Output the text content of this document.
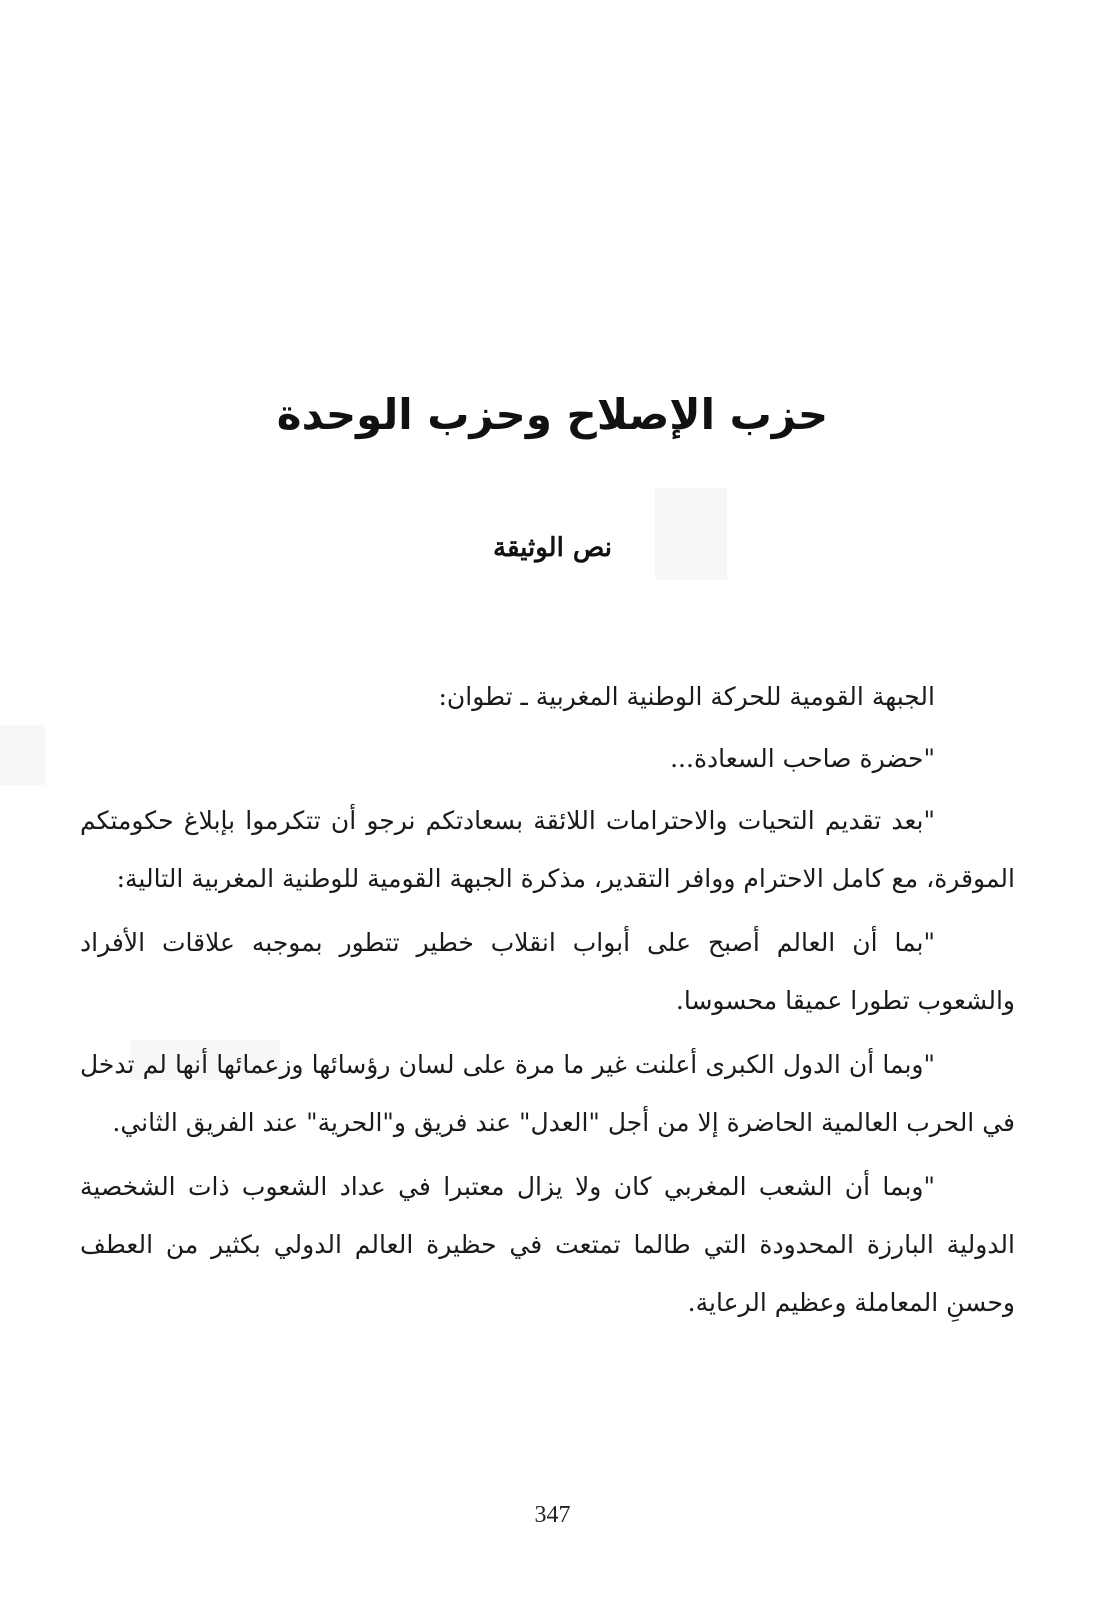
حزب الإصلاح وحزب الوحدة
نص الوثيقة

الجبهة القومية للحركة الوطنية المغربية ـ تطوان:

"حضرة صاحب السعادة...

"بعد تقديم التحيات والاحترامات اللائقة بسعادتكم نرجو أن تتكرموا بإبلاغ حكومتكم الموقرة، مع كامل الاحترام ووافر التقدير، مذكرة الجبهة القومية للوطنية المغربية التالية:

"بما أن العالم أصبح على أبواب انقلاب خطير تتطور بموجبه علاقات الأفراد والشعوب تطورا عميقا محسوسا.

"وبما أن الدول الكبرى أعلنت غير ما مرة على لسان رؤسائها وزعمائها أنها لم تدخل في الحرب العالمية الحاضرة إلا من أجل "العدل" عند فريق و"الحرية" عند الفريق الثاني.

"وبما أن الشعب المغربي كان ولا يزال معتبرا في عداد الشعوب ذات الشخصية الدولية البارزة المحدودة التي طالما تمتعت في حظيرة العالم الدولي بكثير من العطف وحسنِ المعاملة وعظيم الرعاية.

347
